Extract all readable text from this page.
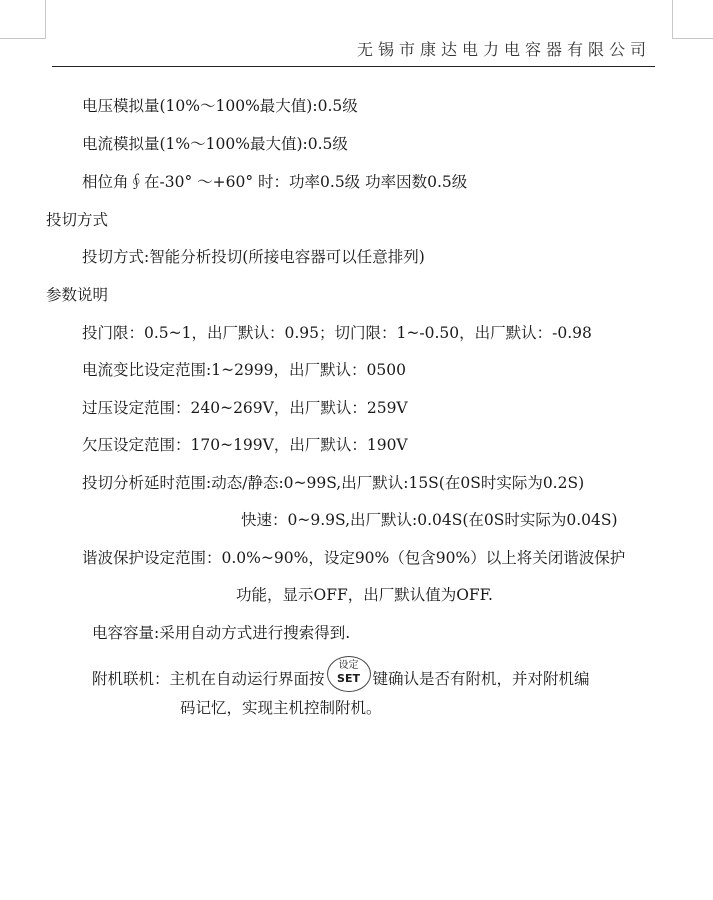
无锡市康达电力电容器有限公司
电压模拟量(10%～100%最大值):0.5级
电流模拟量(1%～100%最大值):0.5级
相位角∮在-30° ～+60° 时：功率0.5级 功率因数0.5级
投切方式
投切方式:智能分析投切(所接电容器可以任意排列)
参数说明
投门限：0.5~1，出厂默认：0.95；切门限：1~-0.50，出厂默认：-0.98
电流变比设定范围:1~2999，出厂默认：0500
过压设定范围：240~269V，出厂默认：259V
欠压设定范围：170~199V，出厂默认：190V
投切分析延时范围:动态/静态:0~99S,出厂默认:15S(在0S时实际为0.2S)
快速：0~9.9S,出厂默认:0.04S(在0S时实际为0.04S)
谐波保护设定范围：0.0%~90%，设定90%（包含90%）以上将关闭谐波保护
功能，显示OFF，出厂默认值为OFF.
电容容量:采用自动方式进行搜索得到.
附机联机：主机在自动运行界面按
设定
SET 键确认是否有附机，并对附机编
码记忆，实现主机控制附机。
